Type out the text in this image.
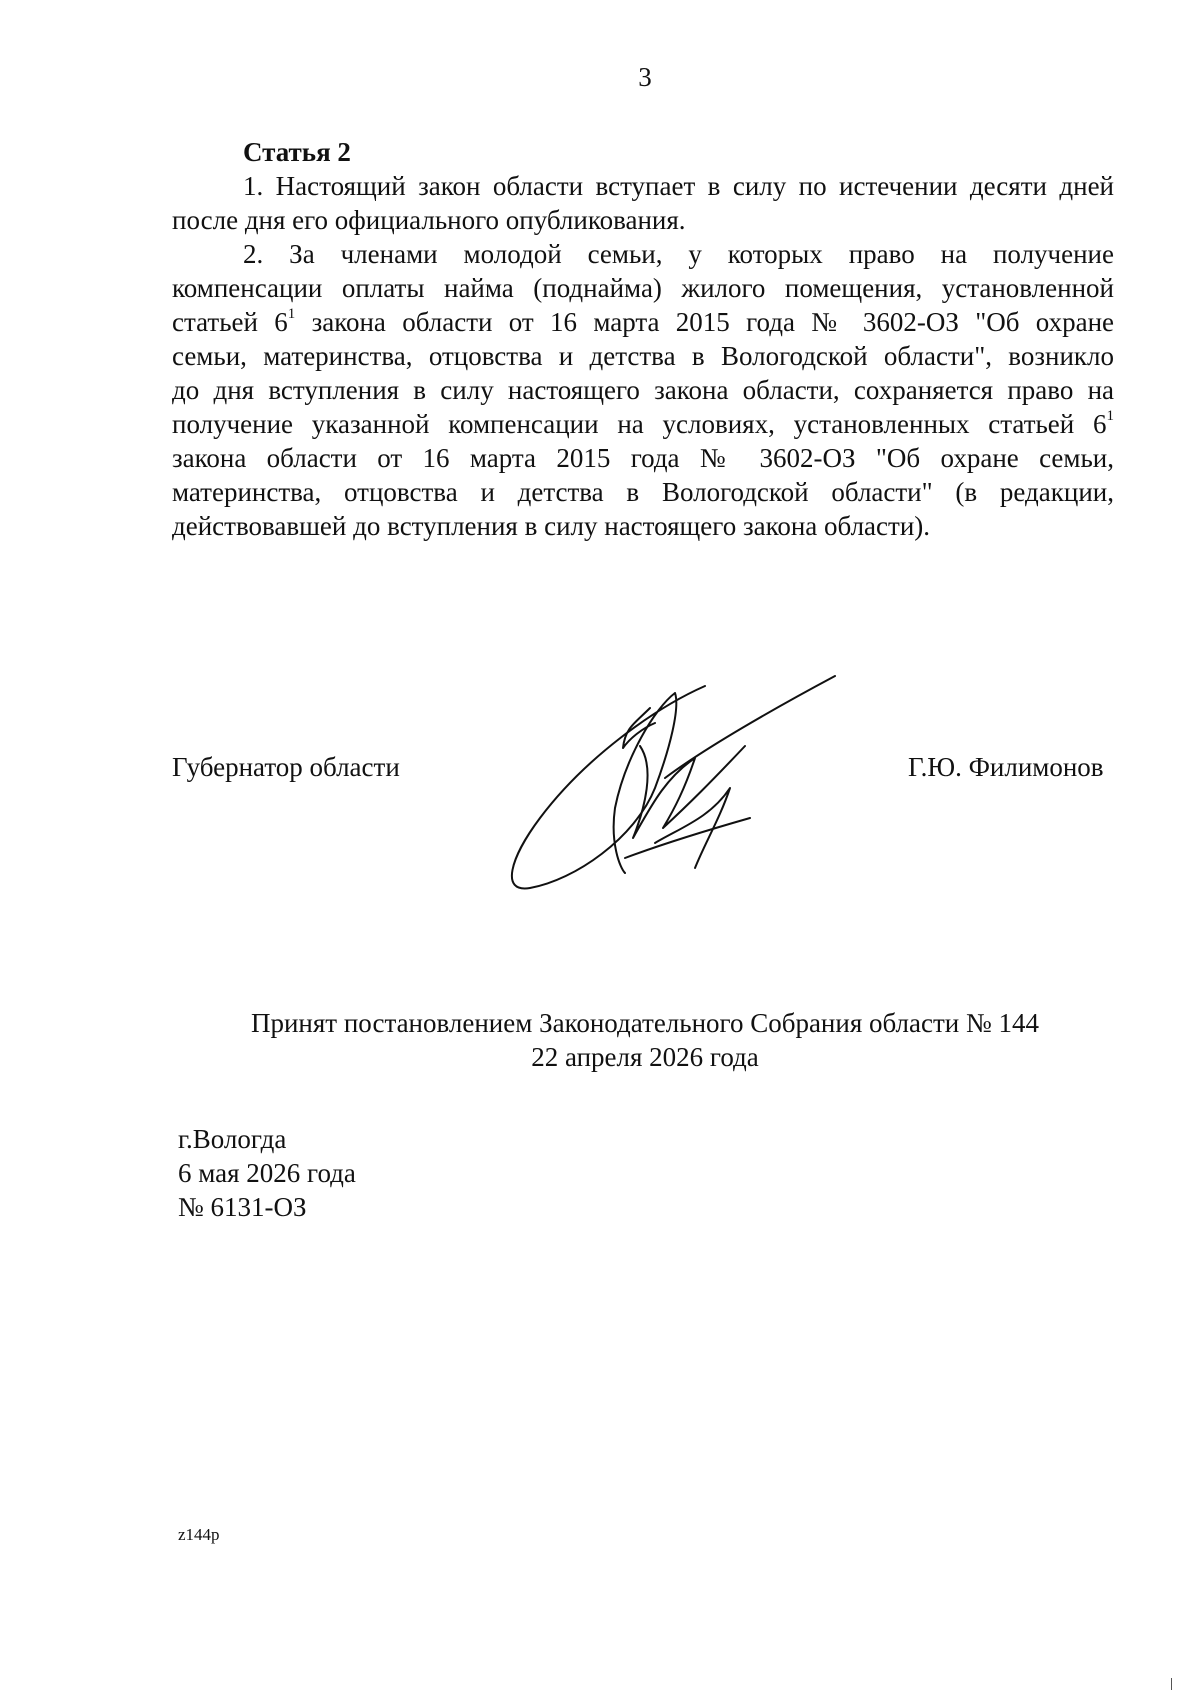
3
Статья 2

1. Настоящий закон области вступает в силу по истечении десяти дней
после дня его официального опубликования.

2. За членами молодой семьи, у которых право на получение
компенсации оплаты найма (поднайма) жилого помещения, установленной
статьей $6^1$ закона области от 16 марта 2015 года № 3602-ОЗ "Об охране
семьи, материнства, отцовства и детства в Вологодской области", возникло
до дня вступления в силу настоящего закона области, сохраняется право на
получение указанной компенсации на условиях, установленных статьей $6^1$
закона области от 16 марта 2015 года № 3602-ОЗ "Об охране семьи,
материнства, отцовства и детства в Вологодской области" (в редакции,
действовавшей до вступления в силу настоящего закона области).

Губернатор области	Г.Ю. Филимонов
Принят постановлением Законодательного Собрания области № 144
22 апреля 2026 года
г.Вологда
6 мая 2026 года
№ 6131-ОЗ
z144p
